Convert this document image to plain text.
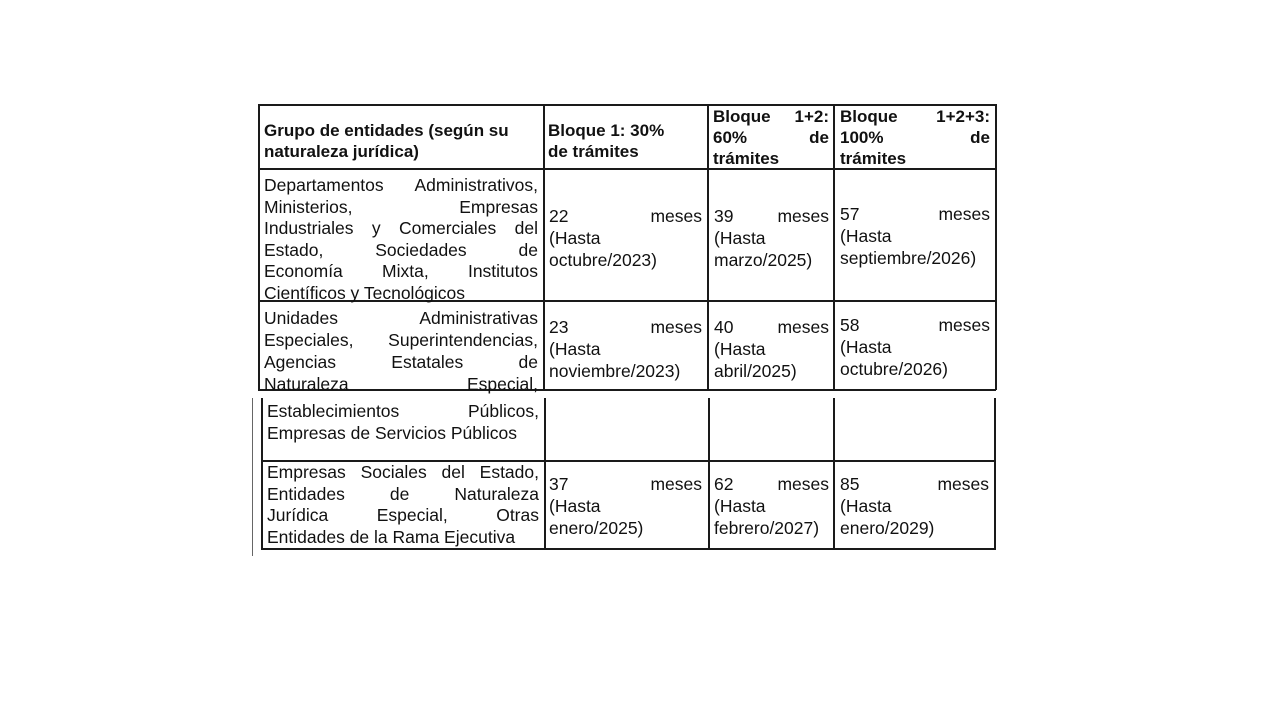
Grupo de entidades (según su
naturaleza jurídica)
Bloque 1: 30%
de trámites
Bloque 1+2:
60% de
trámites
Bloque 1+2+3:
100% de
trámites
Departamentos Administrativos,
Ministerios, Empresas
Industriales y Comerciales del
Estado, Sociedades de
Economía Mixta, Institutos
Científicos y Tecnológicos
22 meses
(Hasta
octubre/2023)
39 meses
(Hasta
marzo/2025)
57 meses
(Hasta
septiembre/2026)
Unidades Administrativas
Especiales, Superintendencias,
Agencias Estatales de
Naturaleza Especial,
Establecimientos Públicos,
Empresas de Servicios Públicos
23 meses
(Hasta
noviembre/2023)
40 meses
(Hasta
abril/2025)
58 meses
(Hasta
octubre/2026)
Empresas Sociales del Estado,
Entidades de Naturaleza
Jurídica Especial, Otras
Entidades de la Rama Ejecutiva
37 meses
(Hasta
enero/2025)
62 meses
(Hasta
febrero/2027)
85 meses
(Hasta
enero/2029)
